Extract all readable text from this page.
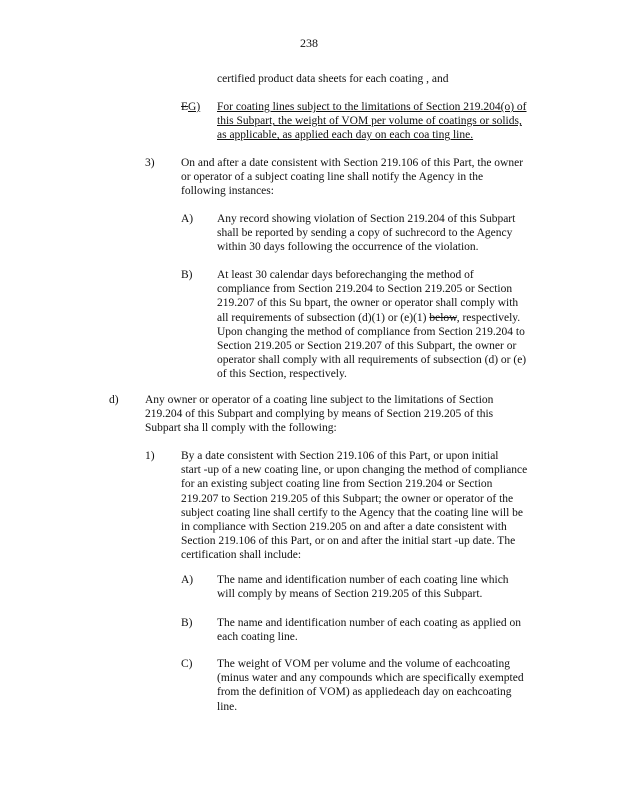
238
certified product data sheets for each coating , and
EG) For coating lines subject to the limitations of Section 219.204(o) of

this Subpart, the weight of VOM per volume of coatings or solids,

as applicable, as applied each day on each coa ting line.

3) On and after a date consistent with Section 219.106 of this Part, the owner

or operator of a subject coating line shall notify the Agency in the

following instances:

A) Any record showing violation of Section 219.204 of this Subpart

shall be reported by sending a copy of suchrecord to the Agency

within 30 days following the occurrence of the violation.

B) At least 30 calendar days beforechanging the method of

compliance from Section 219.204 to Section 219.205 or Section

219.207 of this Su bpart, the owner or operator shall comply with

all requirements of subsection (d)(1) or (e)(1) below, respectively.

Upon changing the method of compliance from Section 219.204 to

Section 219.205 or Section 219.207 of this Subpart, the owner or

operator shall comply with all requirements of subsection (d) or (e)

of this Section, respectively.

d) Any owner or operator of a coating line subject to the limitations of Section

219.204 of this Subpart and complying by means of Section 219.205 of this

Subpart sha ll comply with the following:

1) By a date consistent with Section 219.106 of this Part, or upon initial

start -up of a new coating line, or upon changing the method of compliance

for an existing subject coating line from Section 219.204 or Section

219.207 to Section 219.205 of this Subpart; the owner or operator of the

subject coating line shall certify to the Agency that the coating line will be

in compliance with Section 219.205 on and after a date consistent with

Section 219.106 of this Part, or on and after the initial start -up date. The

certification shall include:

A) The name and identification number of each coating line which

will comply by means of Section 219.205 of this Subpart.

B) The name and identification number of each coating as applied on

each coating line.

C) The weight of VOM per volume and the volume of eachcoating

(minus water and any compounds which are specifically exempted

from the definition of VOM) as appliedeach day on eachcoating

line.
